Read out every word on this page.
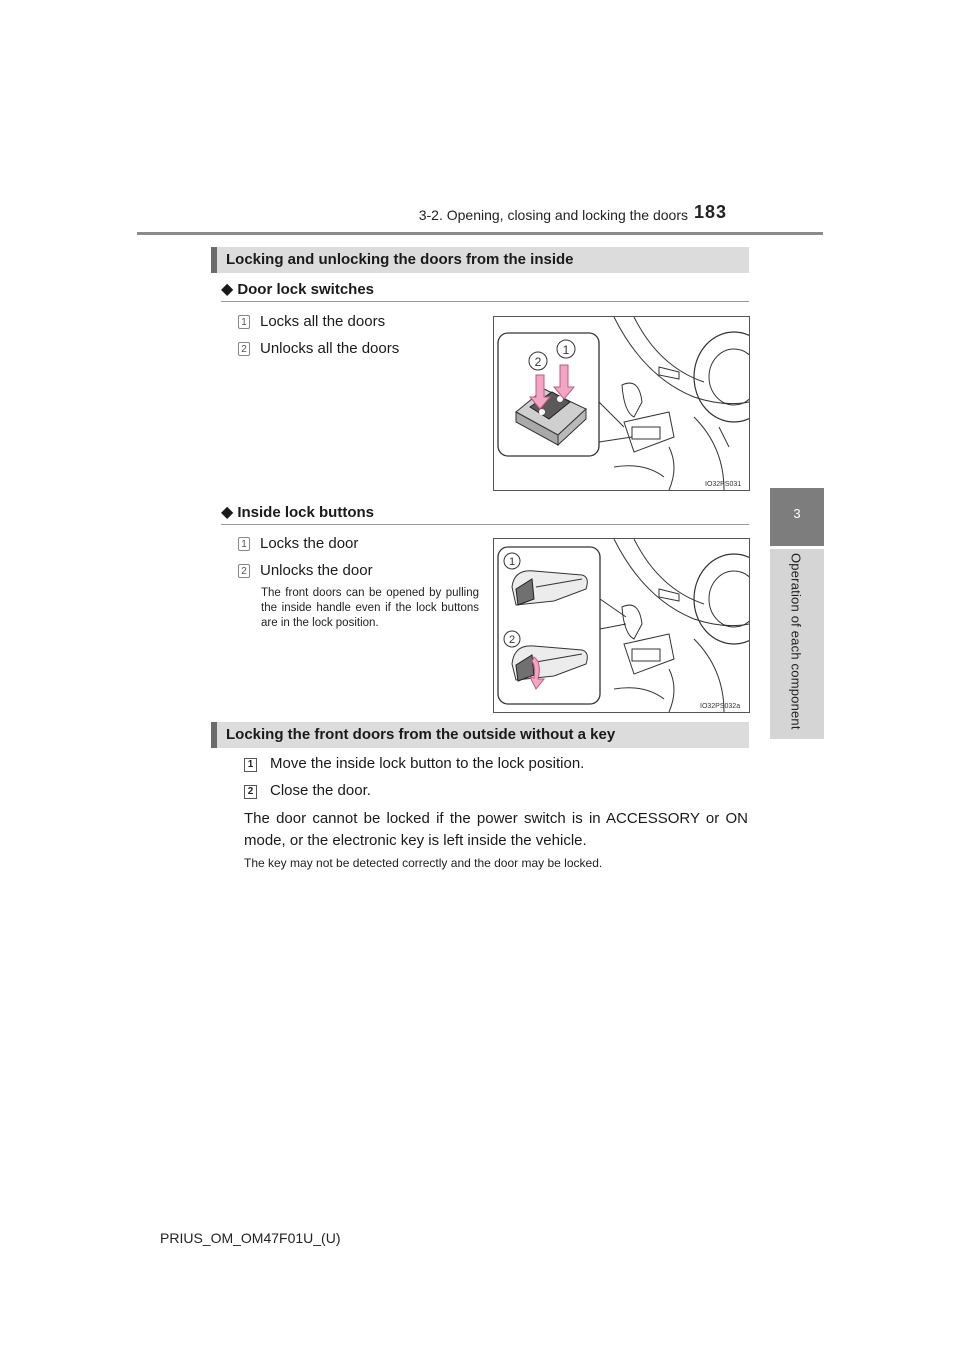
3-2. Opening, closing and locking the doors 183
3
Operation of each component
Locking and unlocking the doors from the inside
◆ Door lock switches
1 Locks all the doors
2 Unlocks all the doors
2
1
IO32PS031
◆ Inside lock buttons
1 Locks the door
2 Unlocks the door
The front doors can be opened by pulling the inside handle even if the lock buttons are in the lock position.
1
2
IO32PS032a
Locking the front doors from the outside without a key
1 Move the inside lock button to the lock position.
2 Close the door.
The door cannot be locked if the power switch is in ACCESSORY or ON mode, or the electronic key is left inside the vehicle.
The key may not be detected correctly and the door may be locked.
PRIUS_OM_OM47F01U_(U)
